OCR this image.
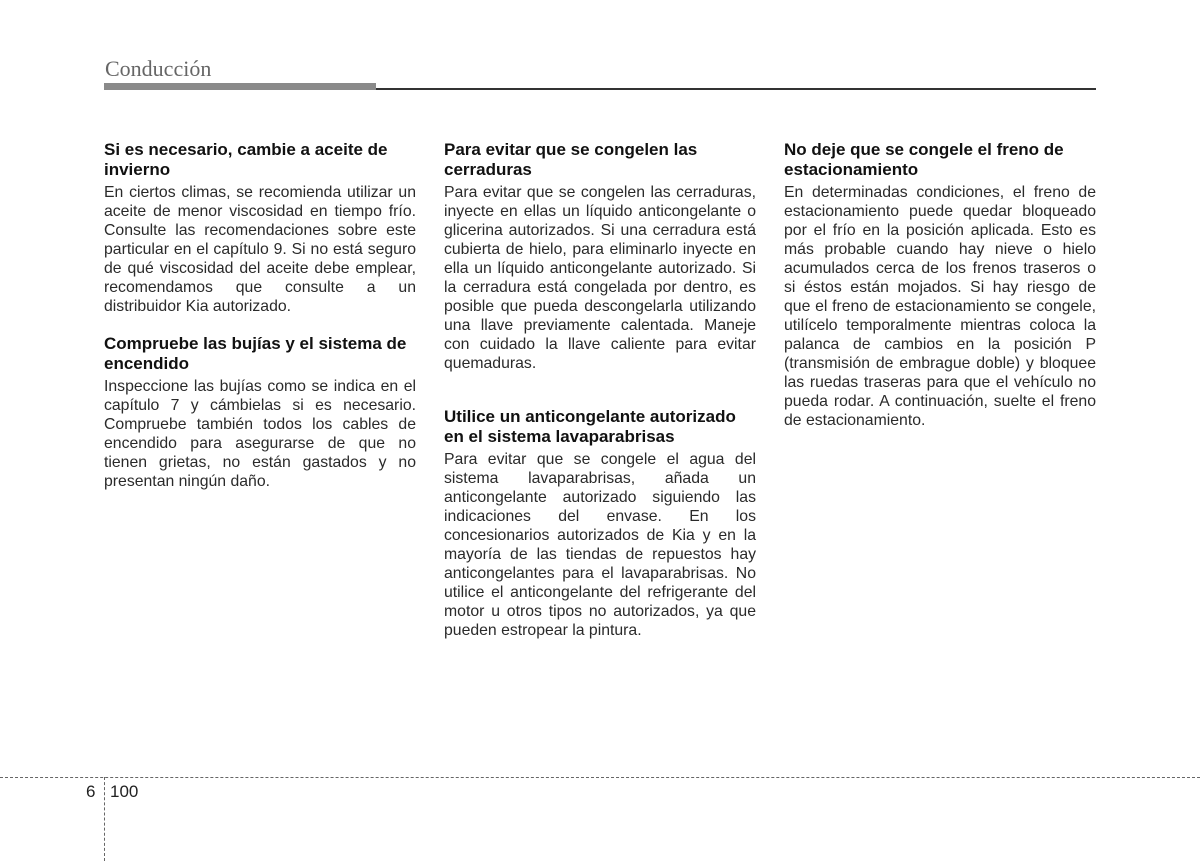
Conducción
Si es necesario, cambie a aceite de invierno

En ciertos climas, se recomienda utilizar un aceite de menor viscosidad en tiempo frío. Consulte las recomendaciones sobre este particular en el capítulo 9. Si no está seguro de qué viscosidad del aceite debe emplear, recomendamos que consulte a un distribuidor Kia autorizado.

Compruebe las bujías y el sistema de encendido

Inspeccione las bujías como se indica en el capítulo 7 y cámbielas si es necesario. Compruebe también todos los cables de encendido para asegurarse de que no tienen grietas, no están gastados y no presentan ningún daño.

Para evitar que se congelen las cerraduras

Para evitar que se congelen las cerraduras, inyecte en ellas un líquido anticongelante o glicerina autorizados. Si una cerradura está cubierta de hielo, para eliminarlo inyecte en ella un líquido anticongelante autorizado. Si la cerradura está congelada por dentro, es posible que pueda descongelarla utilizando una llave previamente calentada. Maneje con cuidado la llave caliente para evitar quemaduras.

Utilice un anticongelante autorizado en el sistema lavaparabrisas

Para evitar que se congele el agua del sistema lavaparabrisas, añada un anticongelante autorizado siguiendo las indicaciones del envase. En los concesionarios autorizados de Kia y en la mayoría de las tiendas de repuestos hay anticongelantes para el lavaparabrisas. No utilice el anticongelante del refrigerante del motor u otros tipos no autorizados, ya que pueden estropear la pintura.

No deje que se congele el freno de estacionamiento

En determinadas condiciones, el freno de estacionamiento puede quedar bloqueado por el frío en la posición aplicada. Esto es más probable cuando hay nieve o hielo acumulados cerca de los frenos traseros o si éstos están mojados. Si hay riesgo de que el freno de estacionamiento se congele, utilícelo temporalmente mientras coloca la palanca de cambios en la posición P (transmisión de embrague doble) y bloquee las ruedas traseras para que el vehículo no pueda rodar. A continuación, suelte el freno de estacionamiento.

6 100
